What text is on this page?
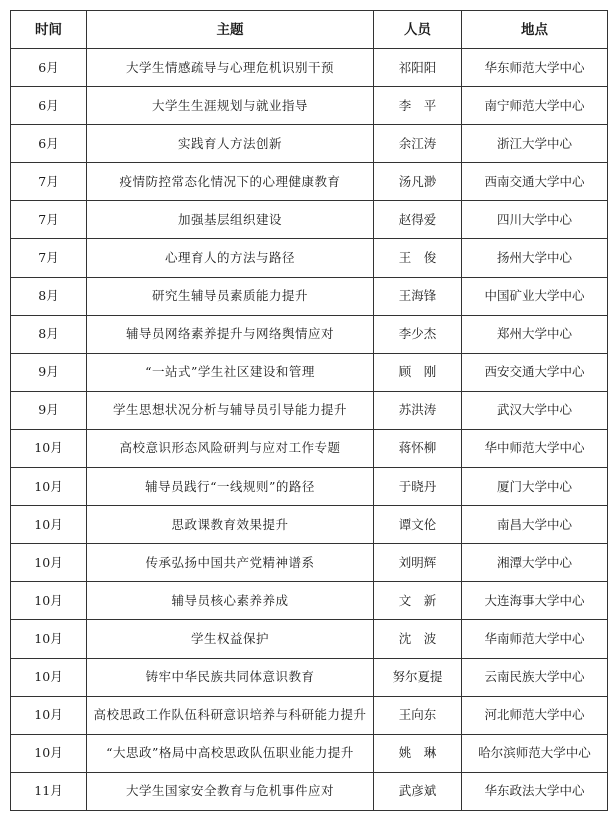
时间	主题	人员	地点
6月	大学生情感疏导与心理危机识别干预	祁阳阳	华东师范大学中心
6月	大学生生涯规划与就业指导	李　平	南宁师范大学中心
6月	实践育人方法创新	余江涛	浙江大学中心
7月	疫情防控常态化情况下的心理健康教育	汤凡渺	西南交通大学中心
7月	加强基层组织建设	赵得爱	四川大学中心
7月	心理育人的方法与路径	王　俊	扬州大学中心
8月	研究生辅导员素质能力提升	王海锋	中国矿业大学中心
8月	辅导员网络素养提升与网络舆情应对	李少杰	郑州大学中心
9月	“一站式”学生社区建设和管理	顾　刚	西安交通大学中心
9月	学生思想状况分析与辅导员引导能力提升	苏洪涛	武汉大学中心
10月	高校意识形态风险研判与应对工作专题	蒋怀柳	华中师范大学中心
10月	辅导员践行“一线规则”的路径	于晓丹	厦门大学中心
10月	思政课教育效果提升	谭文伦	南昌大学中心
10月	传承弘扬中国共产党精神谱系	刘明辉	湘潭大学中心
10月	辅导员核心素养养成	文　新	大连海事大学中心
10月	学生权益保护	沈　波	华南师范大学中心
10月	铸牢中华民族共同体意识教育	努尔夏提	云南民族大学中心
10月	高校思政工作队伍科研意识培养与科研能力提升	王向东	河北师范大学中心
10月	“大思政”格局中高校思政队伍职业能力提升	姚　琳	哈尔滨师范大学中心
11月	大学生国家安全教育与危机事件应对	武彦斌	华东政法大学中心
